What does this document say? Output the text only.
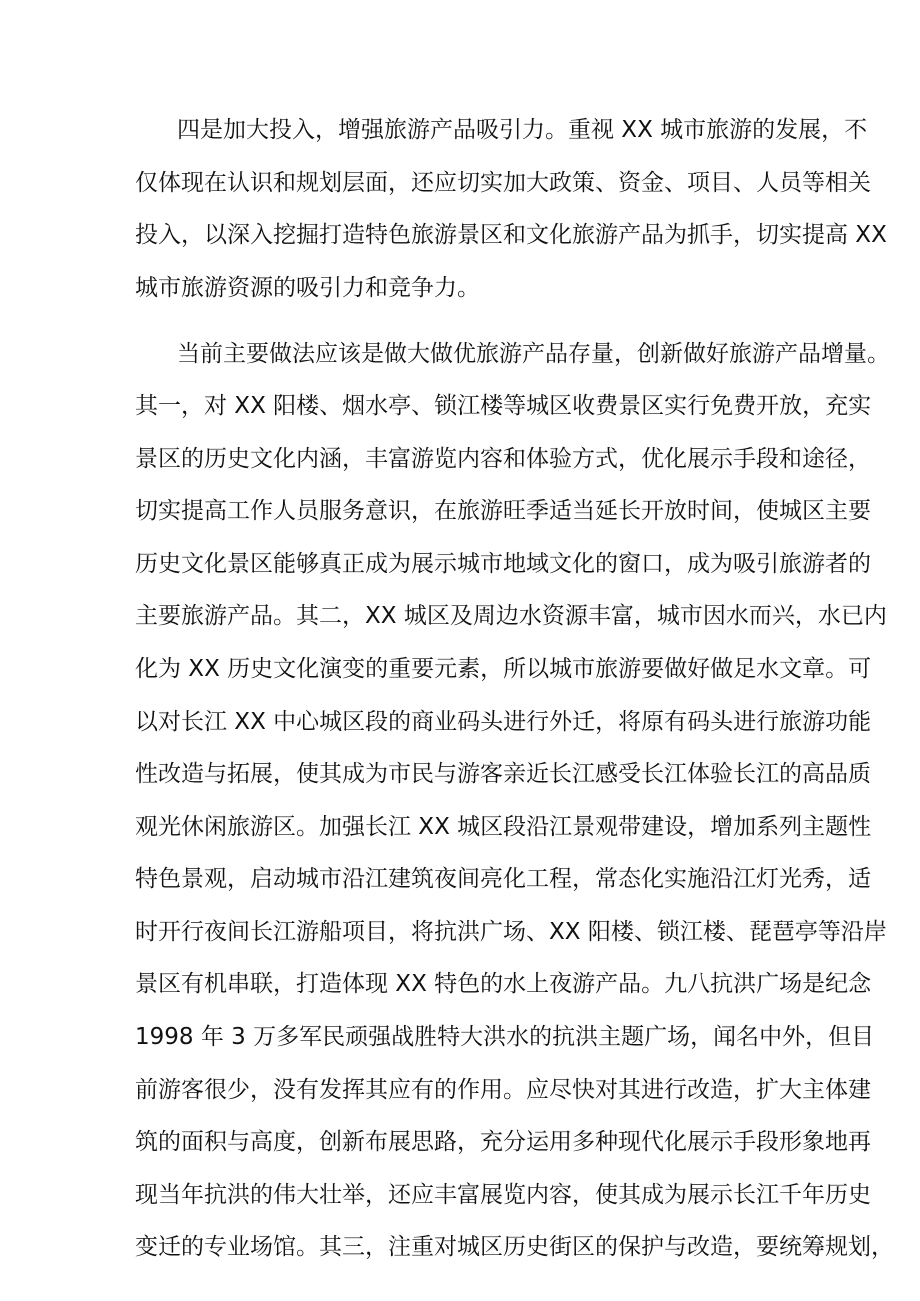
四是加大投入，增强旅游产品吸引力。重视 XX 城市旅游的发展，不
仅体现在认识和规划层面，还应切实加大政策、资金、项目、人员等相关
投入，以深入挖掘打造特色旅游景区和文化旅游产品为抓手，切实提高 XX
城市旅游资源的吸引力和竞争力。
当前主要做法应该是做大做优旅游产品存量，创新做好旅游产品增量。
其一，对 XX 阳楼、烟水亭、锁江楼等城区收费景区实行免费开放，充实
景区的历史文化内涵，丰富游览内容和体验方式，优化展示手段和途径，
切实提高工作人员服务意识，在旅游旺季适当延长开放时间，使城区主要
历史文化景区能够真正成为展示城市地域文化的窗口，成为吸引旅游者的
主要旅游产品。其二，XX 城区及周边水资源丰富，城市因水而兴，水已内
化为 XX 历史文化演变的重要元素，所以城市旅游要做好做足水文章。可
以对长江 XX 中心城区段的商业码头进行外迁，将原有码头进行旅游功能
性改造与拓展，使其成为市民与游客亲近长江感受长江体验长江的高品质
观光休闲旅游区。加强长江 XX 城区段沿江景观带建设，增加系列主题性
特色景观，启动城市沿江建筑夜间亮化工程，常态化实施沿江灯光秀，适
时开行夜间长江游船项目，将抗洪广场、XX 阳楼、锁江楼、琵琶亭等沿岸
景区有机串联，打造体现 XX 特色的水上夜游产品。九八抗洪广场是纪念
1998 年 3 万多军民顽强战胜特大洪水的抗洪主题广场，闻名中外，但目
前游客很少，没有发挥其应有的作用。应尽快对其进行改造，扩大主体建
筑的面积与高度，创新布展思路，充分运用多种现代化展示手段形象地再
现当年抗洪的伟大壮举，还应丰富展览内容，使其成为展示长江千年历史
变迁的专业场馆。其三，注重对城区历史街区的保护与改造，要统筹规划，
